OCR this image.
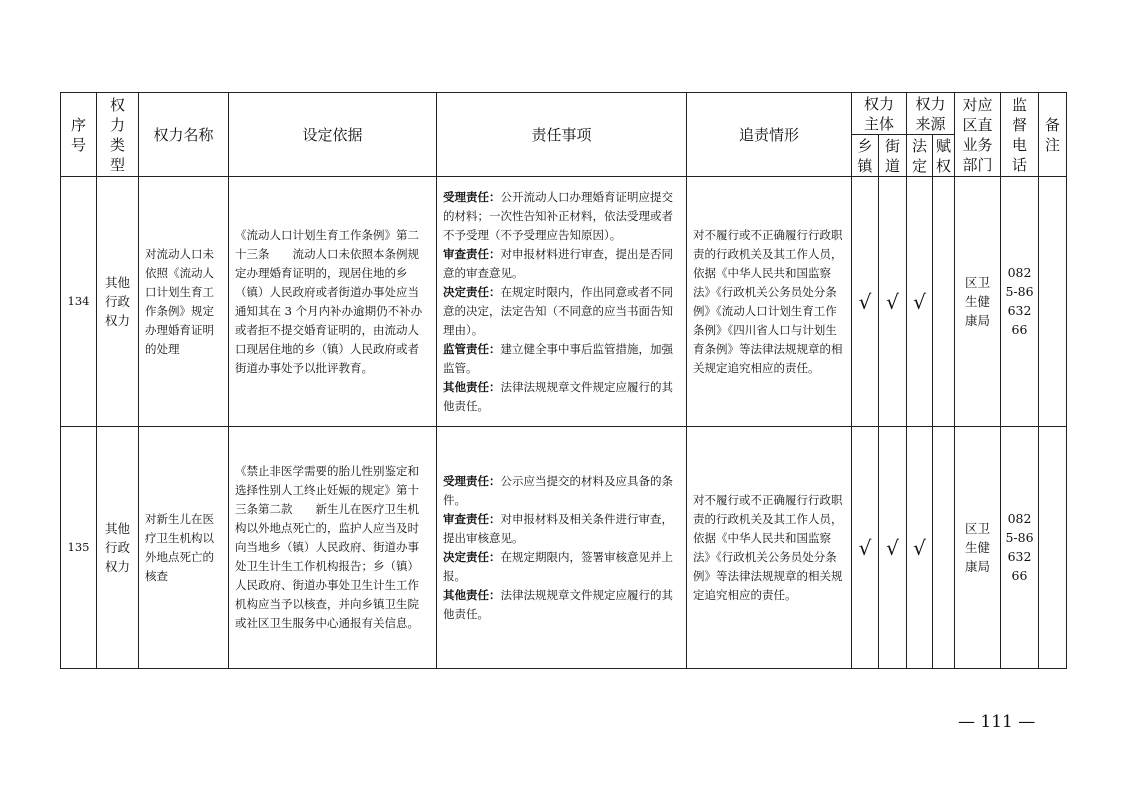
序号	权力类型	权力名称	设定依据	责任事项	追责情形	权力主体		权力来源		对应区直业务部门	监督电话	备注
						乡镇	街道	法定	赋权			
134	其他行政权力	对流动人口未依照《流动人口计划生育工作条例》规定办理婚育证明的处理	《流动人口计划生育工作条例》第二十三条　　流动人口未依照本条例规定办理婚育证明的，现居住地的乡（镇）人民政府或者街道办事处应当通知其在 3 个月内补办逾期仍不补办或者拒不提交婚育证明的，由流动人口现居住地的乡（镇）人民政府或者街道办事处予以批评教育。	受理责任：公开流动人口办理婚育证明应提交的材料；一次性告知补正材料，依法受理或者不予受理（不予受理应告知原因）。

审查责任：对申报材料进行审查，提出是否同意的审查意见。

决定责任：在规定时限内，作出同意或者不同意的决定，法定告知（不同意的应当书面告知理由）。

监管责任：建立健全事中事后监管措施，加强监管。

其他责任：法律法规规章文件规定应履行的其他责任。	对不履行或不正确履行行政职责的行政机关及其工作人员，依据《中华人民共和国监察法》《行政机关公务员处分条例》《流动人口计划生育工作条例》《四川省人口与计划生育条例》等法律法规规章的相关规定追究相应的责任。	√	√	√		区卫生健康局	0825-8663266	
135	其他行政权力	对新生儿在医疗卫生机构以外地点死亡的核查	《禁止非医学需要的胎儿性别鉴定和选择性别人工终止妊娠的规定》第十三条第二款　　新生儿在医疗卫生机构以外地点死亡的，监护人应当及时向当地乡（镇）人民政府、街道办事处卫生计生工作机构报告；乡（镇）人民政府、街道办事处卫生计生工作机构应当予以核查，并向乡镇卫生院或社区卫生服务中心通报有关信息。	受理责任：公示应当提交的材料及应具备的条件。

审查责任：对申报材料及相关条件进行审查，提出审核意见。

决定责任：在规定期限内，签署审核意见并上报。

其他责任：法律法规规章文件规定应履行的其他责任。	对不履行或不正确履行行政职责的行政机关及其工作人员，依据《中华人民共和国监察法》《行政机关公务员处分条例》等法律法规规章的相关规定追究相应的责任。	√	√	√		区卫生健康局	0825-8663266	
— 111 —
